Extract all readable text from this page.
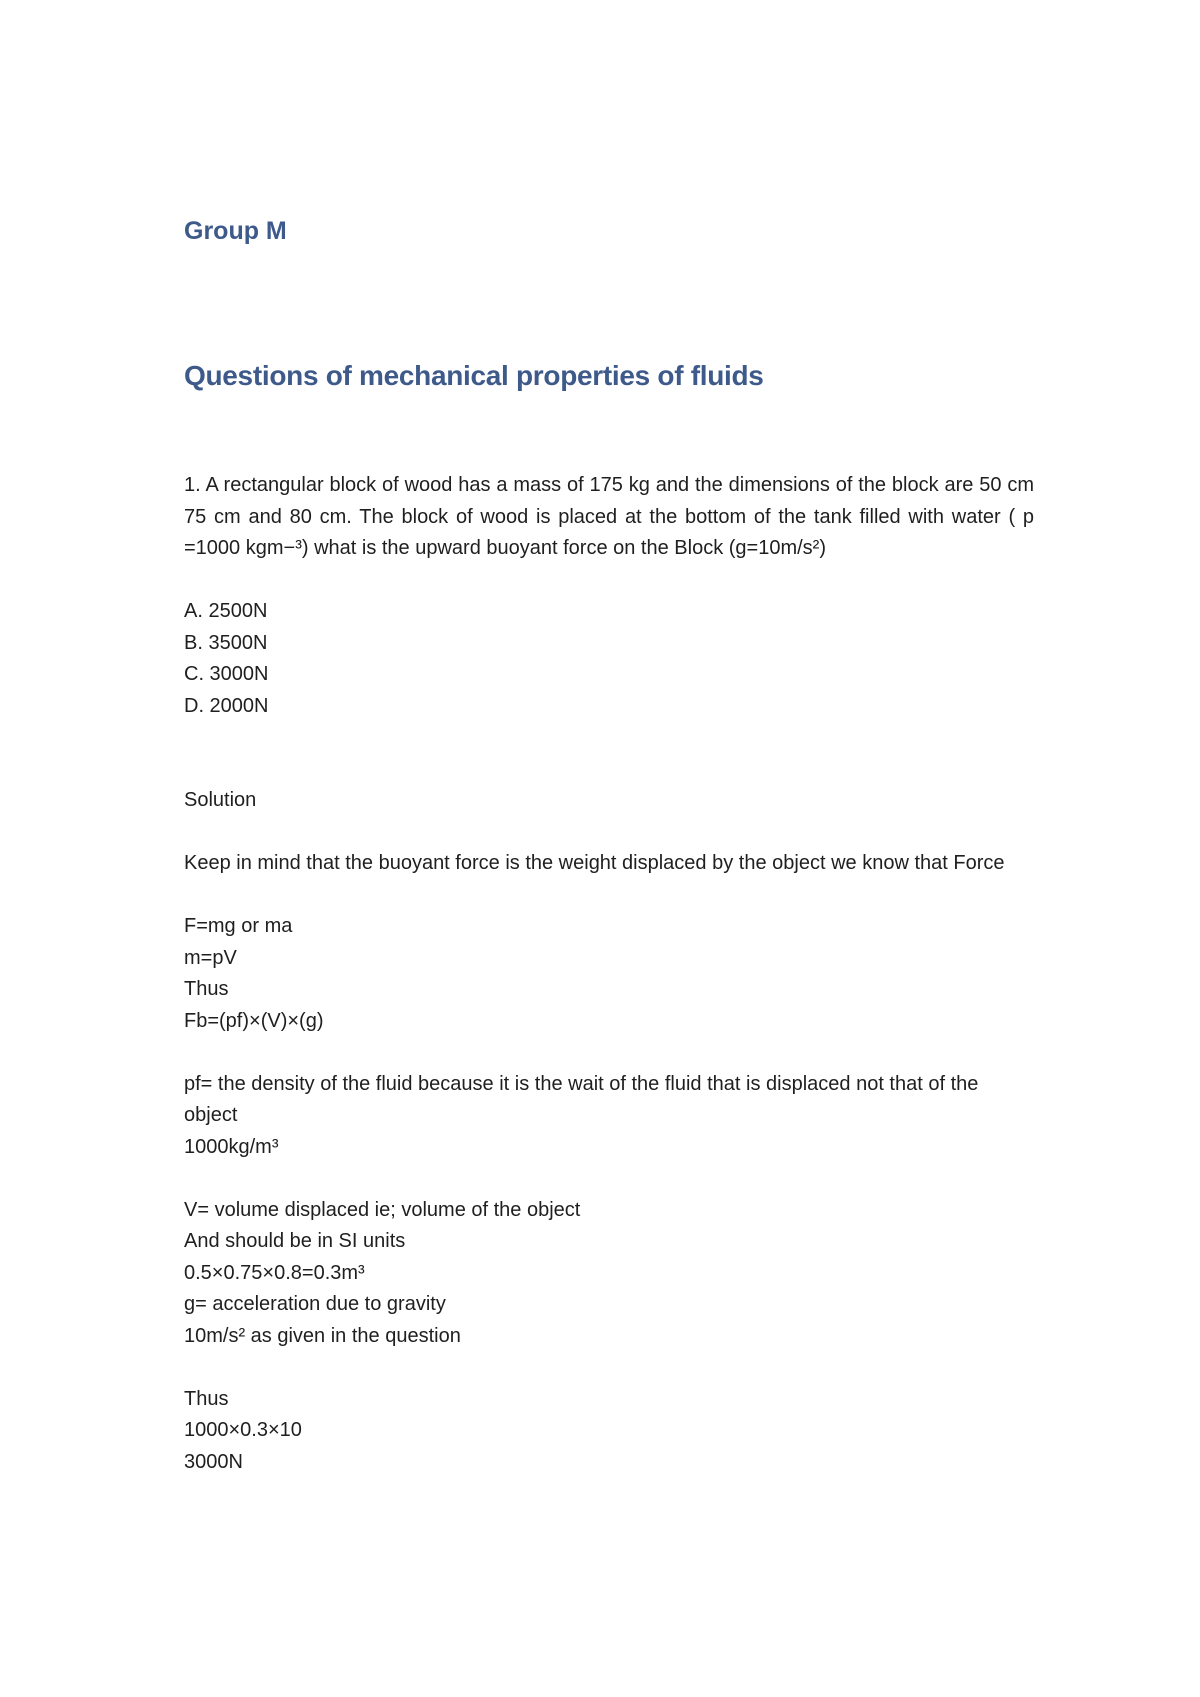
Group M
Questions of mechanical properties of fluids

1. A rectangular block of wood has a mass of 175 kg and the dimensions of the block are 50 cm 75 cm and 80 cm. The block of wood is placed at the bottom of the tank filled with water ( p =1000 kgm−³) what is the upward buoyant force on the Block (g=10m/s²)

A. 2500N
B. 3500N
C. 3000N
D. 2000N
Solution

Keep in mind that the buoyant force is the weight displaced by the object we know that Force

F=mg or ma
m=pV
Thus
Fb=(pf)×(V)×(g)

pf= the density of the fluid because it is the wait of the fluid that is displaced not that of the object

1000kg/m³
V= volume displaced ie; volume of the object
And should be in SI units
0.5×0.75×0.8=0.3m³
g= acceleration due to gravity
10m/s² as given in the question
Thus
1000×0.3×10
3000N
